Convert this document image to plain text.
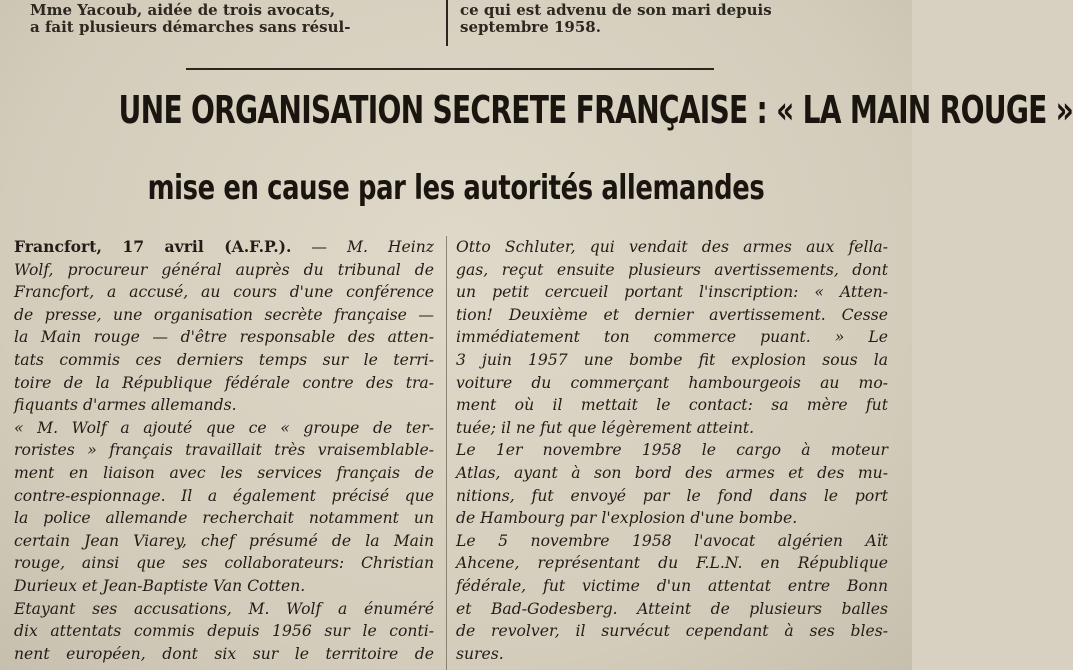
Mme Yacoub, aidée de trois avocats,
a fait plusieurs démarches sans résul-
ce qui est advenu de son mari depuis
septembre 1958.
UNE ORGANISATION SECRETE FRANÇAISE : « LA MAIN ROUGE »
mise en cause par les autorités allemandes
Francfort, 17 avril (A.F.P.). — M. Heinz
Wolf, procureur général auprès du tribunal de
Francfort, a accusé, au cours d'une conférence
de presse, une organisation secrète française —
la Main rouge — d'être responsable des atten-
tats commis ces derniers temps sur le terri-
toire de la République fédérale contre des tra-
fiquants d'armes allemands.
« M. Wolf a ajouté que ce « groupe de ter-
roristes » français travaillait très vraisemblable-
ment en liaison avec les services français de
contre-espionnage. Il a également précisé que
la police allemande recherchait notamment un
certain Jean Viarey, chef présumé de la Main
rouge, ainsi que ses collaborateurs: Christian
Durieux et Jean-Baptiste Van Cotten.
Etayant ses accusations, M. Wolf a énuméré
dix attentats commis depuis 1956 sur le conti-
nent européen, dont six sur le territoire de
Otto Schluter, qui vendait des armes aux fella-
gas, reçut ensuite plusieurs avertissements, dont
un petit cercueil portant l'inscription: « Atten-
tion! Deuxième et dernier avertissement. Cesse
immédiatement ton commerce puant. » Le
3 juin 1957 une bombe fit explosion sous la
voiture du commerçant hambourgeois au mo-
ment où il mettait le contact: sa mère fut
tuée; il ne fut que légèrement atteint.
Le 1er novembre 1958 le cargo à moteur
Atlas, ayant à son bord des armes et des mu-
nitions, fut envoyé par le fond dans le port
de Hambourg par l'explosion d'une bombe.
Le 5 novembre 1958 l'avocat algérien Aït
Ahcene, représentant du F.L.N. en République
fédérale, fut victime d'un attentat entre Bonn
et Bad-Godesberg. Atteint de plusieurs balles
de revolver, il survécut cependant à ses bles-
sures.
